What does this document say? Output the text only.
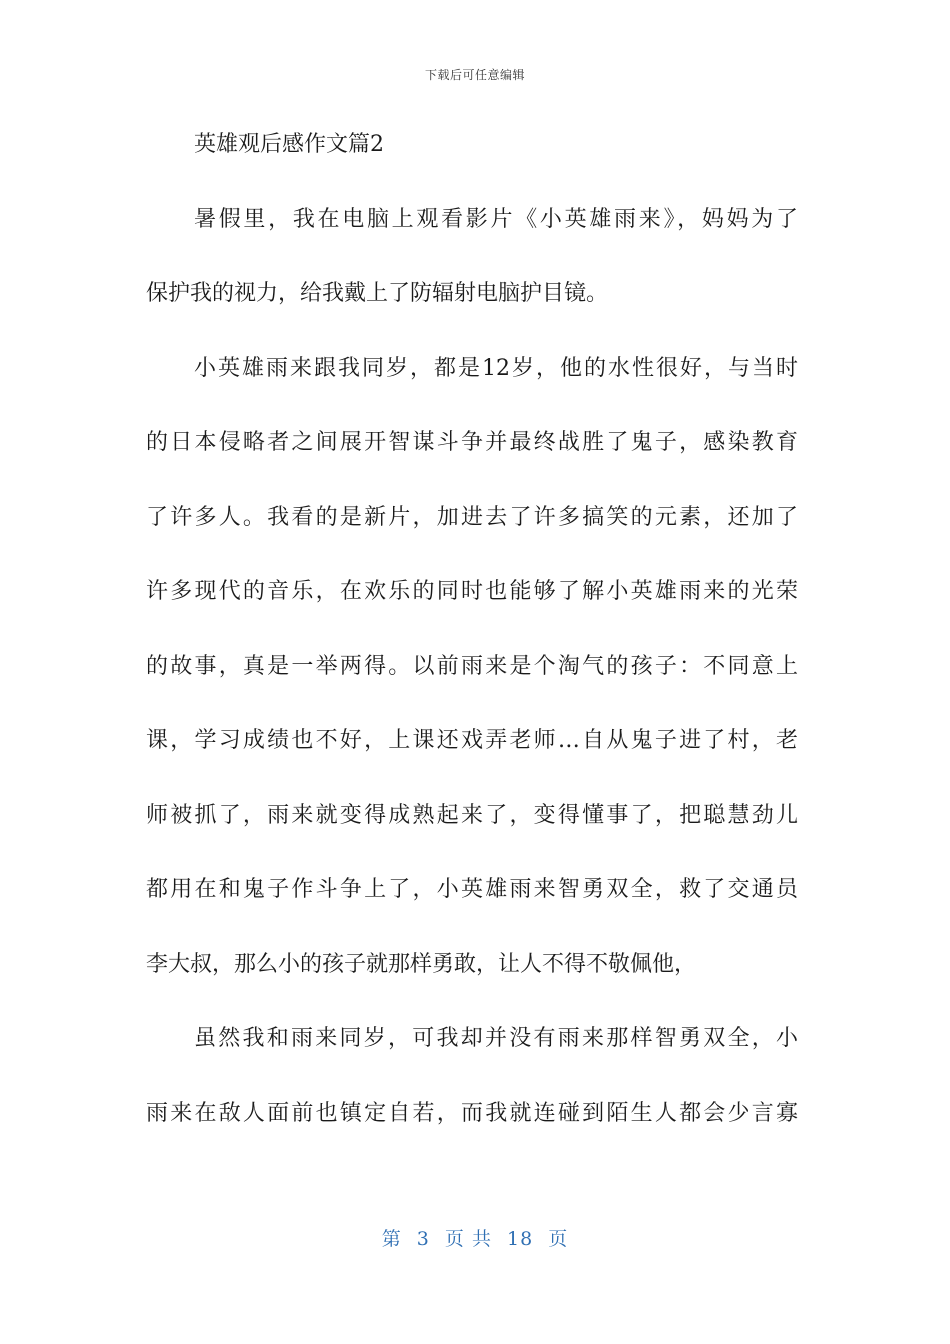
下载后可任意编辑
英雄观后感作文篇2
暑假里，我在电脑上观看影片《小英雄雨来》，妈妈为了
保护我的视力，给我戴上了防辐射电脑护目镜。
小英雄雨来跟我同岁，都是12岁，他的水性很好，与当时
的日本侵略者之间展开智谋斗争并最终战胜了鬼子，感染教育
了许多人。我看的是新片，加进去了许多搞笑的元素，还加了
许多现代的音乐，在欢乐的同时也能够了解小英雄雨来的光荣
的故事，真是一举两得。以前雨来是个淘气的孩子：不同意上
课，学习成绩也不好，上课还戏弄老师…自从鬼子进了村，老
师被抓了，雨来就变得成熟起来了，变得懂事了，把聪慧劲儿
都用在和鬼子作斗争上了，小英雄雨来智勇双全，救了交通员
李大叔，那么小的孩子就那样勇敢，让人不得不敬佩他，
虽然我和雨来同岁，可我却并没有雨来那样智勇双全，小
雨来在敌人面前也镇定自若，而我就连碰到陌生人都会少言寡
第 3 页 共 18 页
